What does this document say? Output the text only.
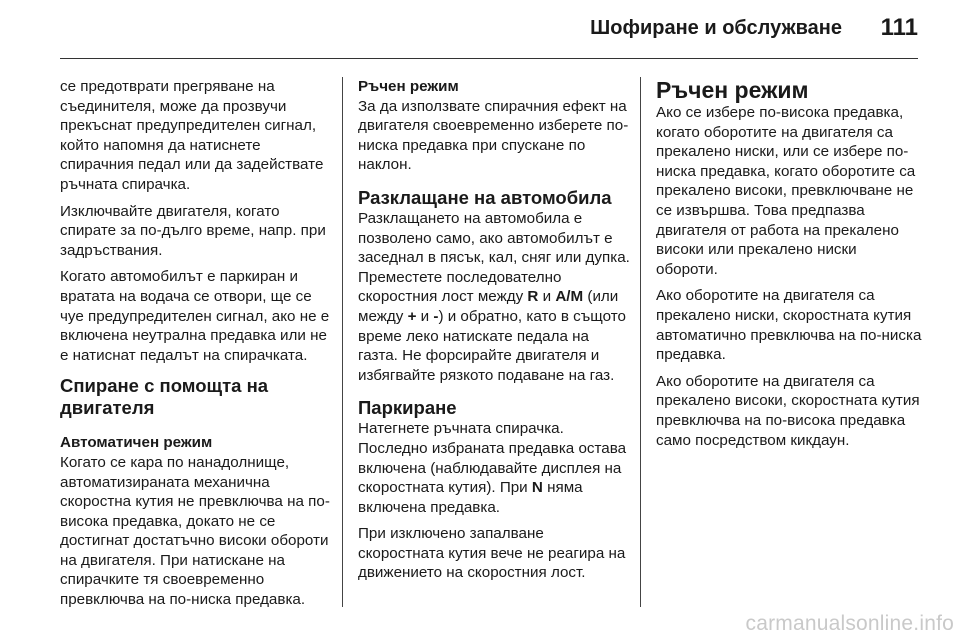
Шофиране и обслужване 111

се предотврати прегряване на съединителя, може да прозвучи прекъснат предупредителен сигнал, който напомня да натиснете спирачния педал или да задействате ръчната спирачка.

Изключвайте двигателя, когато спирате за по-дълго време, напр. при задръствания.

Когато автомобилът е паркиран и вратата на водача се отвори, ще се чуе предупредителен сигнал, ако не е включена неутрална предавка или не е натиснат педалът на спирачката.

Спиране с помощта на двигателя
Автоматичен режим

Когато се кара по нанадолнище, автоматизираната механична скоростна кутия не превключва на по-висока предавка, докато не се достигнат достатъчно високи обороти на двигателя. При натискане на спирачките тя своевременно превключва на по-ниска предавка.

Ръчен режим

За да използвате спирачния ефект на двигателя своевременно изберете по-ниска предавка при спускане по наклон.

Разклащане на автомобила

Разклащането на автомобила е позволено само, ако автомобилът е заседнал в пясък, кал, сняг или дупка. Преместете последователно скоростния лост между R и A/M (или между + и -) и обратно, като в същото време леко натискате педала на газта. Не форсирайте двигателя и избягвайте рязкото подаване на газ.

Паркиране

Натегнете ръчната спирачка. Последно избраната предавка остава включена (наблюдавайте дисплея на скоростната кутия). При N няма включена предавка.

При изключено запалване скоростната кутия вече не реагира на движението на скоростния лост.

Ръчен режим

Ако се избере по-висока предавка, когато оборотите на двигателя са прекалено ниски, или се избере по-ниска предавка, когато оборотите са прекалено високи, превключване не се извършва. Това предпазва двигателя от работа на прекалено високи или прекалено ниски обороти.

Ако оборотите на двигателя са прекалено ниски, скоростната кутия автоматично превключва на по-ниска предавка.

Ако оборотите на двигателя са прекалено високи, скоростната кутия превключва на по-висока предавка само посредством кикдаун.

carmanualsonline.info
